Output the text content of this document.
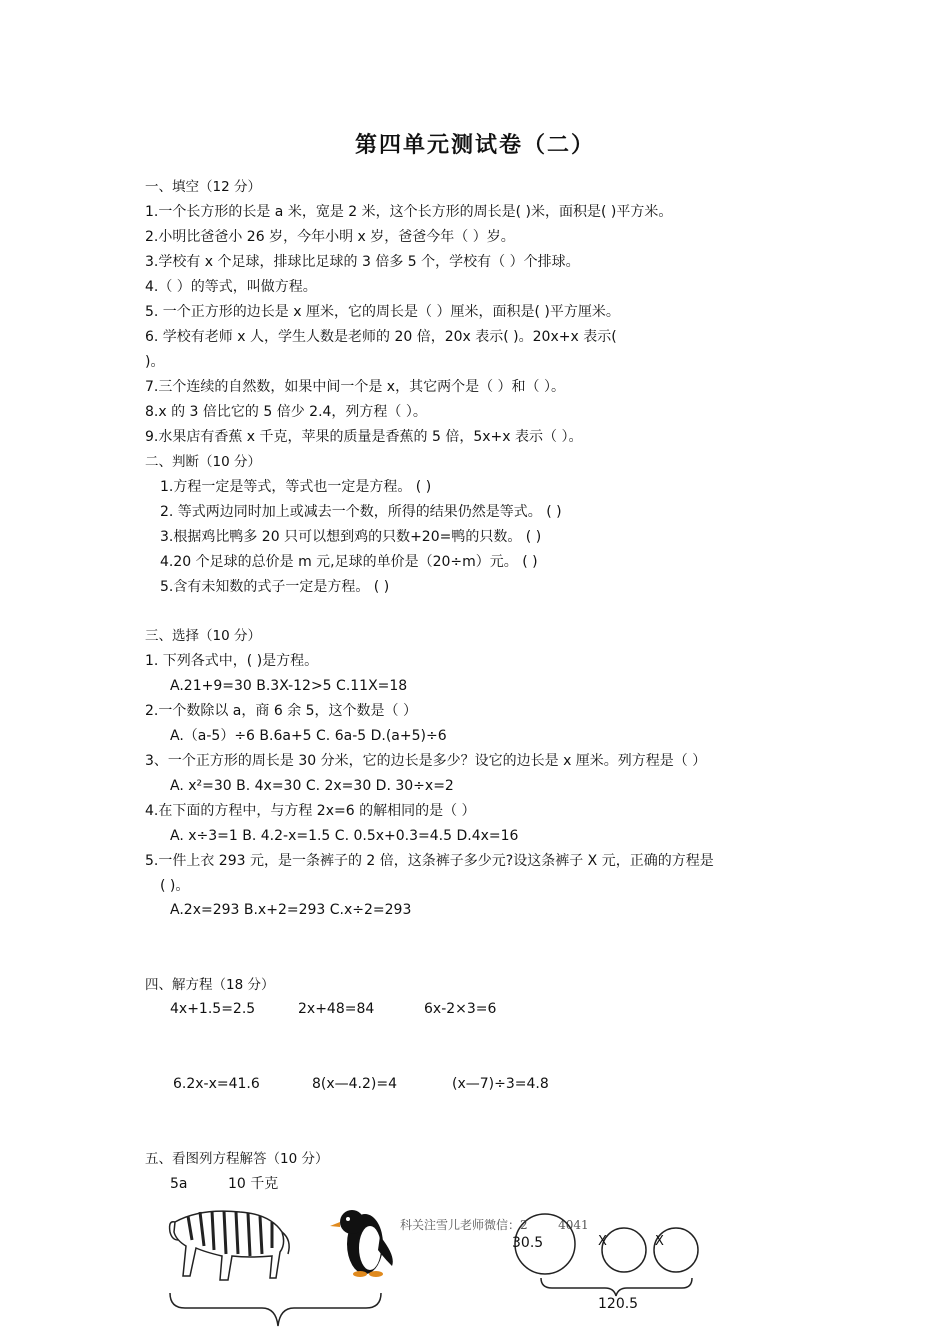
第四单元测试卷（二）
一、填空（12 分）
1.一个长方形的长是 a 米，宽是 2 米，这个长方形的周长是( )米，面积是( )平方米。
2.小明比爸爸小 26 岁，今年小明 x 岁，爸爸今年（ ）岁。
3.学校有 x 个足球，排球比足球的 3 倍多 5 个，学校有（ ）个排球。
4.（ ）的等式，叫做方程。
5. 一个正方形的边长是 x 厘米，它的周长是（ ）厘米，面积是( )平方厘米。
6. 学校有老师 x 人，学生人数是老师的 20 倍，20x 表示( )。20x+x 表示(
)。
7.三个连续的自然数，如果中间一个是 x，其它两个是（ ）和（ ）。
8.x 的 3 倍比它的 5 倍少 2.4，列方程（ ）。
9.水果店有香蕉 x 千克，苹果的质量是香蕉的 5 倍，5x+x 表示（ ）。
二、判断（10 分）
1.方程一定是等式，等式也一定是方程。 ( )
2. 等式两边同时加上或减去一个数，所得的结果仍然是等式。 ( )
3.根据鸡比鸭多 20 只可以想到鸡的只数+20=鸭的只数。 ( )
4.20 个足球的总价是 m 元,足球的单价是（20÷m）元。 ( )
5.含有未知数的式子一定是方程。 ( )
三、选择（10 分）
1. 下列各式中，( )是方程。
A.21+9=30 B.3X-12>5 C.11X=18
2.一个数除以 a，商 6 余 5，这个数是（ ）
A.（a-5）÷6 B.6a+5 C. 6a-5 D.(a+5)÷6
3、一个正方形的周长是 30 分米，它的边长是多少？设它的边长是 x 厘米。列方程是（ ）
A. x²=30 B. 4x=30 C. 2x=30 D. 30÷x=2
4.在下面的方程中，与方程 2x=6 的解相同的是（ ）
A. x÷3=1 B. 4.2-x=1.5 C. 0.5x+0.3=4.5 D.4x=16
5.一件上衣 293 元，是一条裤子的 2 倍，这条裤子多少元?设这条裤子 X 元，正确的方程是
( )。
A.2x=293 B.x+2=293 C.x÷2=293
四、解方程（18 分）
4x+1.5=2.5	2x+48=84	6x-2×3=6
6.2x-x=41.6	8(x—4.2)=4	(x—7)÷3=4.8
五、看图列方程解答（10 分）
5a	10 千克
科关注雪儿老师微信：2        4041
30.5	X	X
120.5
